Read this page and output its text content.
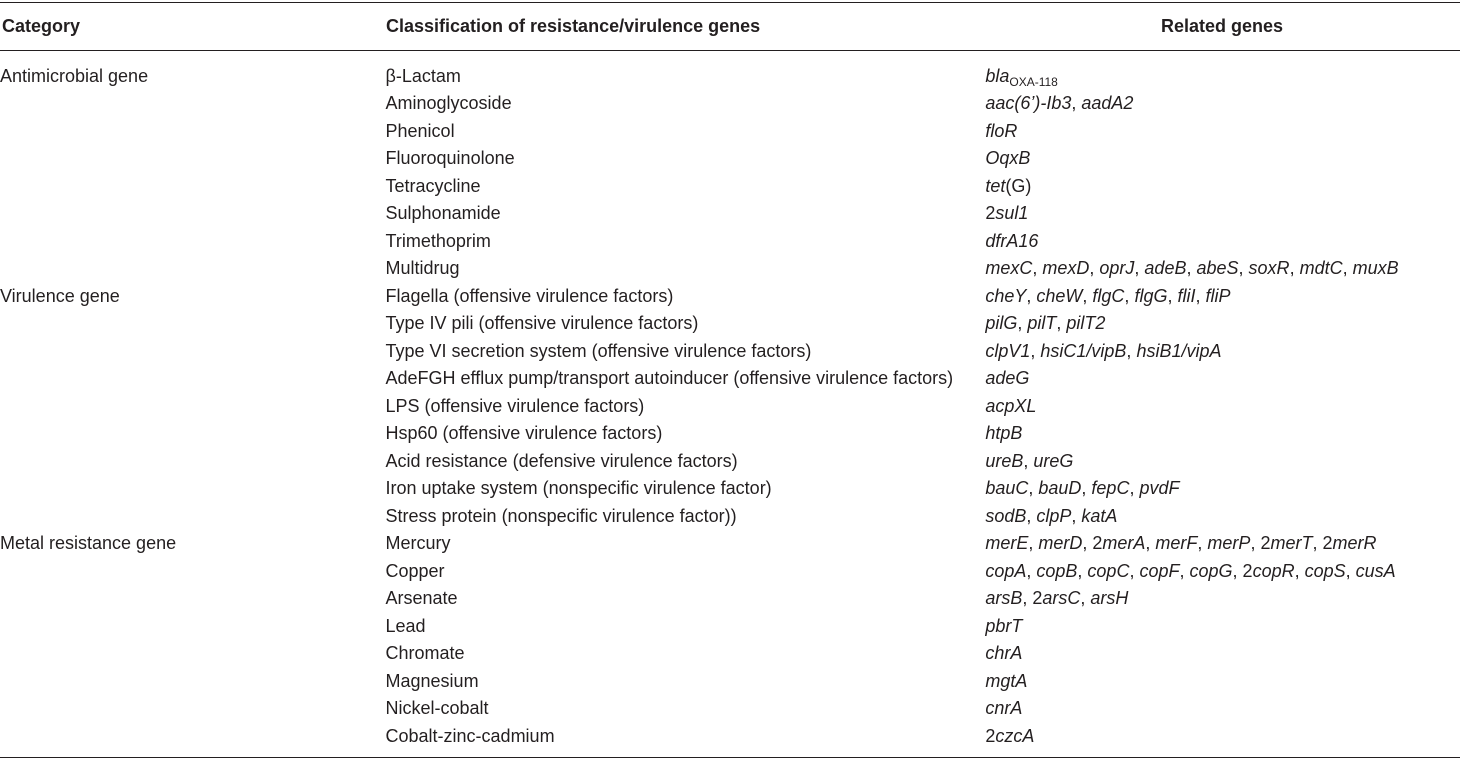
Category	Classification of resistance/virulence genes	Related genes
Antimicrobial gene	β-Lactam	bla$_{OXA-118}$
	Aminoglycoside	aac(6’)-Ib3, aadA2
	Phenicol	floR
	Fluoroquinolone	OqxB
	Tetracycline	tet(G)
	Sulphonamide	2sul1
	Trimethoprim	dfrA16
	Multidrug	mexC, mexD, oprJ, adeB, abeS, soxR, mdtC, muxB
Virulence gene	Flagella (offensive virulence factors)	cheY, cheW, flgC, flgG, fliI, fliP
	Type IV pili (offensive virulence factors)	pilG, pilT, pilT2
	Type VI secretion system (offensive virulence factors)	clpV1, hsiC1/vipB, hsiB1/vipA
	AdeFGH efflux pump/transport autoinducer (offensive virulence factors)	adeG
	LPS (offensive virulence factors)	acpXL
	Hsp60 (offensive virulence factors)	htpB
	Acid resistance (defensive virulence factors)	ureB, ureG
	Iron uptake system (nonspecific virulence factor)	bauC, bauD, fepC, pvdF
	Stress protein (nonspecific virulence factor))	sodB, clpP, katA
Metal resistance gene	Mercury	merE, merD, 2merA, merF, merP, 2merT, 2merR
	Copper	copA, copB, copC, copF, copG, 2copR, copS, cusA
	Arsenate	arsB, 2arsC, arsH
	Lead	pbrT
	Chromate	chrA
	Magnesium	mgtA
	Nickel-cobalt	cnrA
	Cobalt-zinc-cadmium	2czcA
